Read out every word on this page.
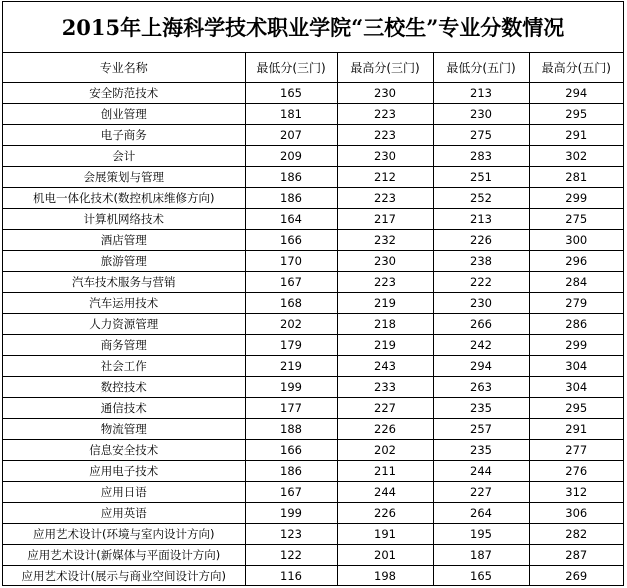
2015年上海科学技术职业学院“三校生”专业分数情况
专业名称	最低分(三门)	最高分(三门)	最低分(五门)	最高分(五门)
安全防范技术	165	230	213	294
创业管理	181	223	230	295
电子商务	207	223	275	291
会计	209	230	283	302
会展策划与管理	186	212	251	281
机电一体化技术(数控机床维修方向)	186	223	252	299
计算机网络技术	164	217	213	275
酒店管理	166	232	226	300
旅游管理	170	230	238	296
汽车技术服务与营销	167	223	222	284
汽车运用技术	168	219	230	279
人力资源管理	202	218	266	286
商务管理	179	219	242	299
社会工作	219	243	294	304
数控技术	199	233	263	304
通信技术	177	227	235	295
物流管理	188	226	257	291
信息安全技术	166	202	235	277
应用电子技术	186	211	244	276
应用日语	167	244	227	312
应用英语	199	226	264	306
应用艺术设计(环境与室内设计方向)	123	191	195	282
应用艺术设计(新媒体与平面设计方向)	122	201	187	287
应用艺术设计(展示与商业空间设计方向)	116	198	165	269
